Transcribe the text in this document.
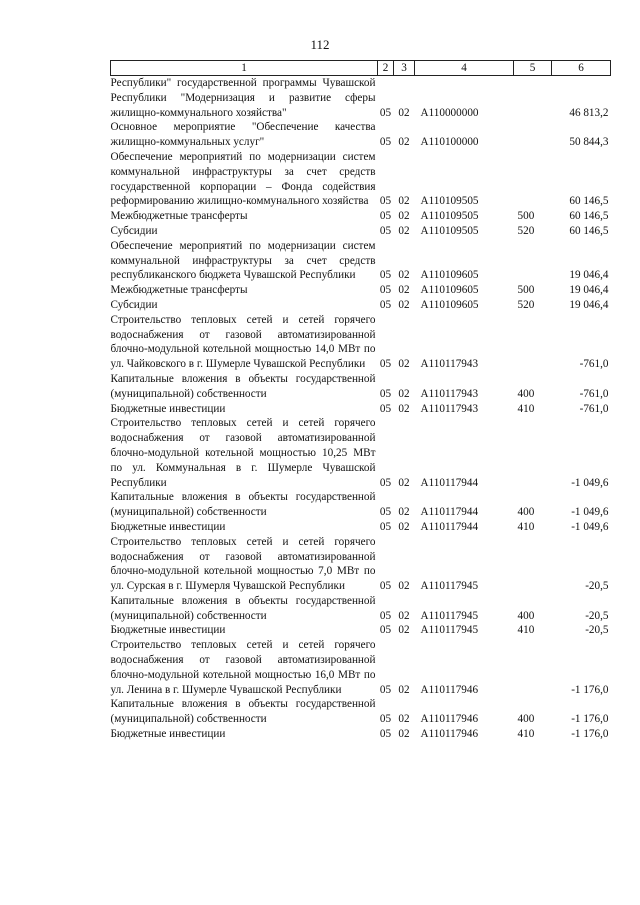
112
1	2	3	4	5	6
Республики" государственной программы Чувашской Республики "Модернизация и развитие сферы жилищно-коммунального хозяйства"	05	02	А110000000		46 813,2
Основное мероприятие "Обеспечение качества жилищно-коммунальных услуг"	05	02	А110100000		50 844,3
Обеспечение мероприятий по модернизации систем коммунальной инфраструктуры за счет средств государственной корпорации – Фонда содействия реформированию жилищно-коммунального хозяйства	05	02	А110109505		60 146,5
Межбюджетные трансферты	05	02	А110109505	500	60 146,5
Субсидии	05	02	А110109505	520	60 146,5
Обеспечение мероприятий по модернизации систем коммунальной инфраструктуры за счет средств республиканского бюджета Чувашской Республики	05	02	А110109605		19 046,4
Межбюджетные трансферты	05	02	А110109605	500	19 046,4
Субсидии	05	02	А110109605	520	19 046,4
Строительство тепловых сетей и сетей горячего водоснабжения от газовой автоматизированной блочно-модульной котельной мощностью 14,0 МВт по ул. Чайковского в г. Шумерле Чувашской Республики	05	02	А110117943		-761,0
Капитальные вложения в объекты государственной (муниципальной) собственности	05	02	А110117943	400	-761,0
Бюджетные инвестиции	05	02	А110117943	410	-761,0
Строительство тепловых сетей и сетей горячего водоснабжения от газовой автоматизированной блочно-модульной котельной мощностью 10,25 МВт по ул. Коммунальная в г. Шумерле Чувашской Республики	05	02	А110117944		-1 049,6
Капитальные вложения в объекты государственной (муниципальной) собственности	05	02	А110117944	400	-1 049,6
Бюджетные инвестиции	05	02	А110117944	410	-1 049,6
Строительство тепловых сетей и сетей горячего водоснабжения от газовой автоматизированной блочно-модульной котельной мощностью 7,0 МВт по ул. Сурская в г. Шумерля Чувашской Республики	05	02	А110117945		-20,5
Капитальные вложения в объекты государственной (муниципальной) собственности	05	02	А110117945	400	-20,5
Бюджетные инвестиции	05	02	А110117945	410	-20,5
Строительство тепловых сетей и сетей горячего водоснабжения от газовой автоматизированной блочно-модульной котельной мощностью 16,0 МВт по ул. Ленина в г. Шумерле Чувашской Республики	05	02	А110117946		-1 176,0
Капитальные вложения в объекты государственной (муниципальной) собственности	05	02	А110117946	400	-1 176,0
Бюджетные инвестиции	05	02	А110117946	410	-1 176,0
